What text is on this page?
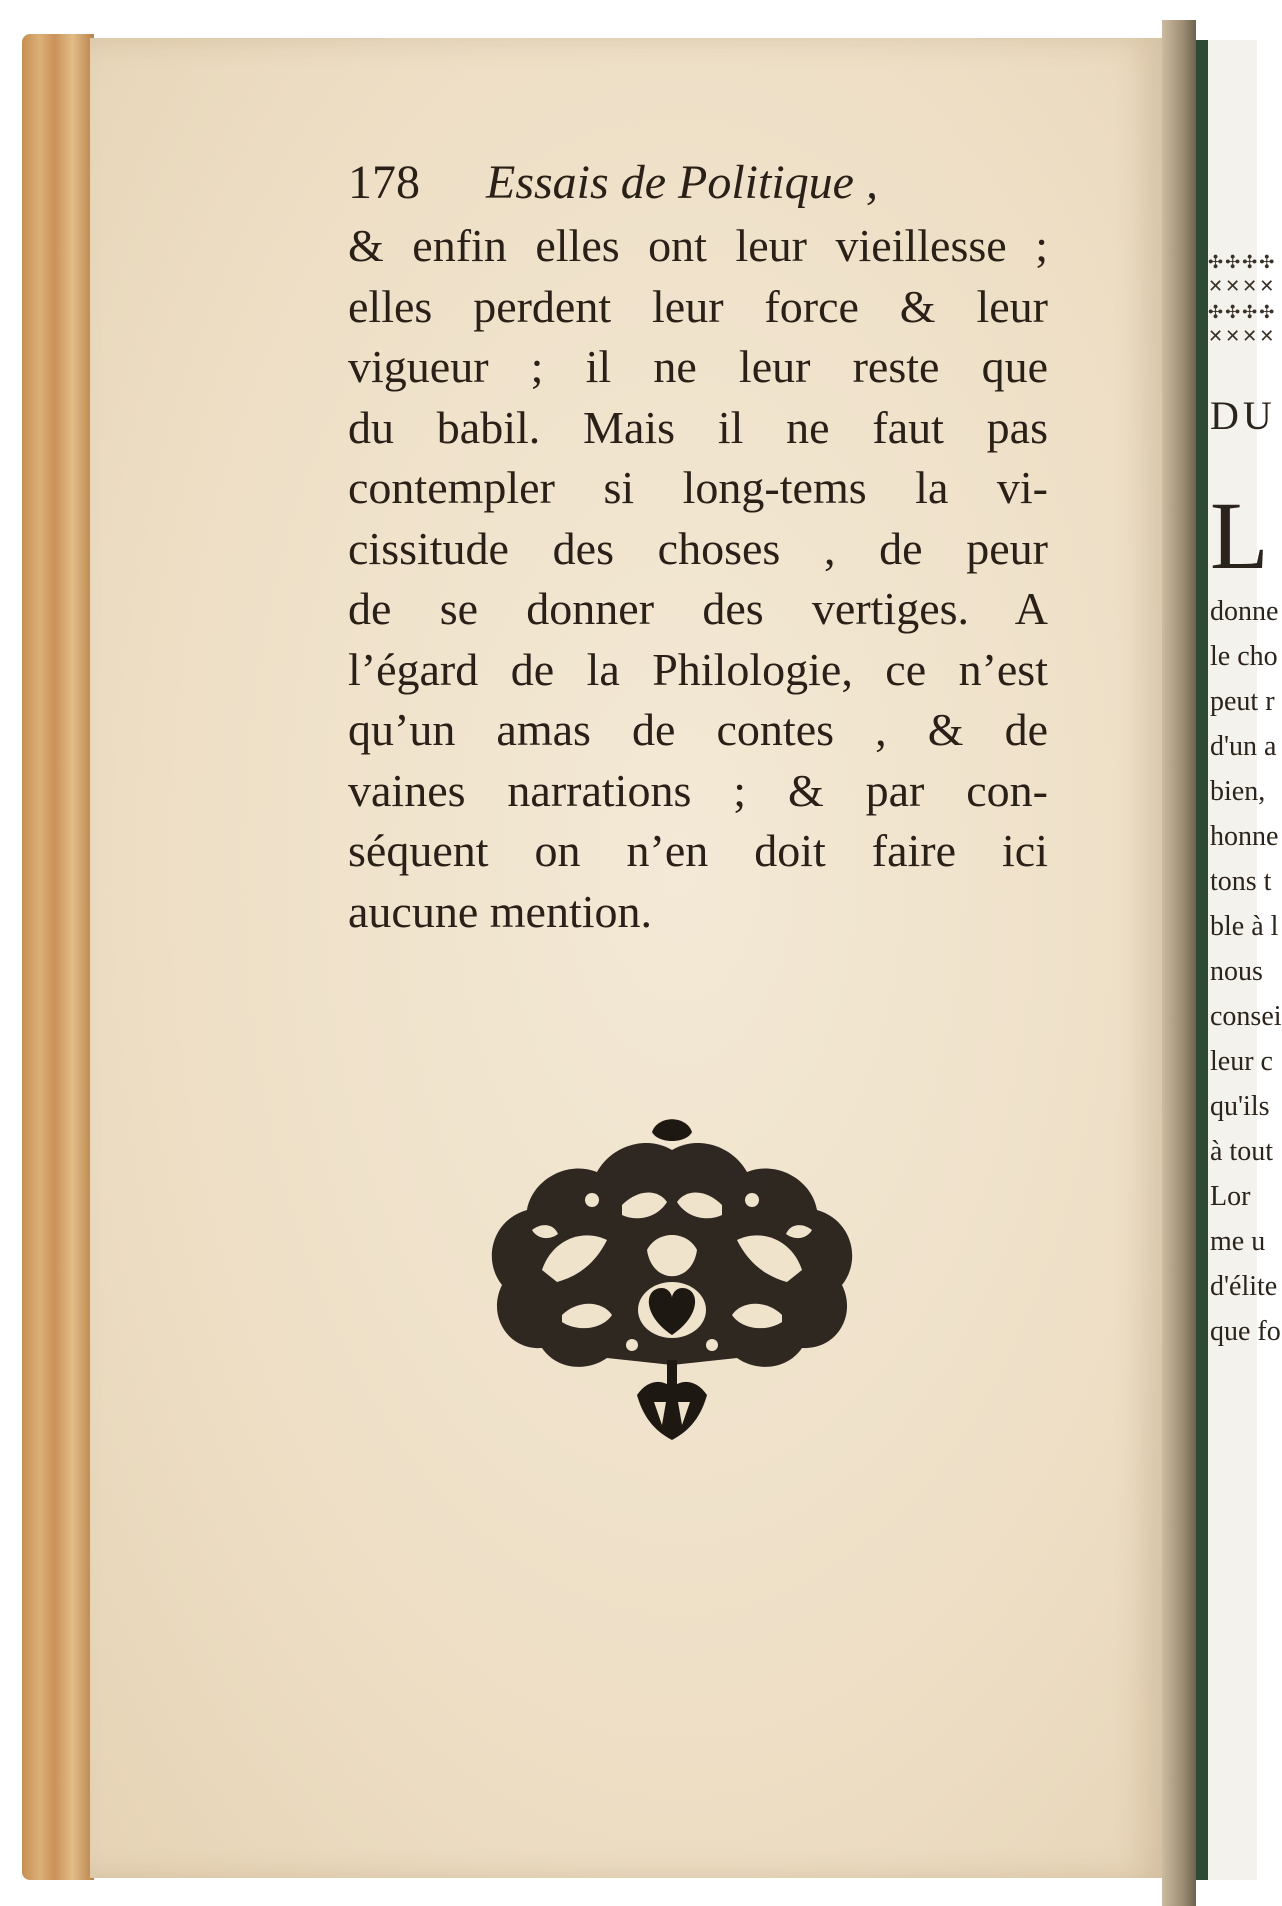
✣✣✣✣
✕✕✕✕
✣✣✣✣
✕✕✕✕
DU
L
donne
le cho
peut r
d'un a
bien,
honne
tons t
ble à l
nous
consei
leur c
qu'ils
à tout
Lor
me u
d'élite
que fo
178 Essais de Politique ,
& enfin elles ont leur vieillesse ;
elles perdent leur force & leur
vigueur ; il ne leur reste que
du babil. Mais il ne faut pas
contempler si long-tems la vi-
cissitude des choses , de peur
de se donner des vertiges. A
l’égard de la Philologie, ce n’est
qu’un amas de contes , & de
vaines narrations ; & par con-
séquent on n’en doit faire ici
aucune mention.
